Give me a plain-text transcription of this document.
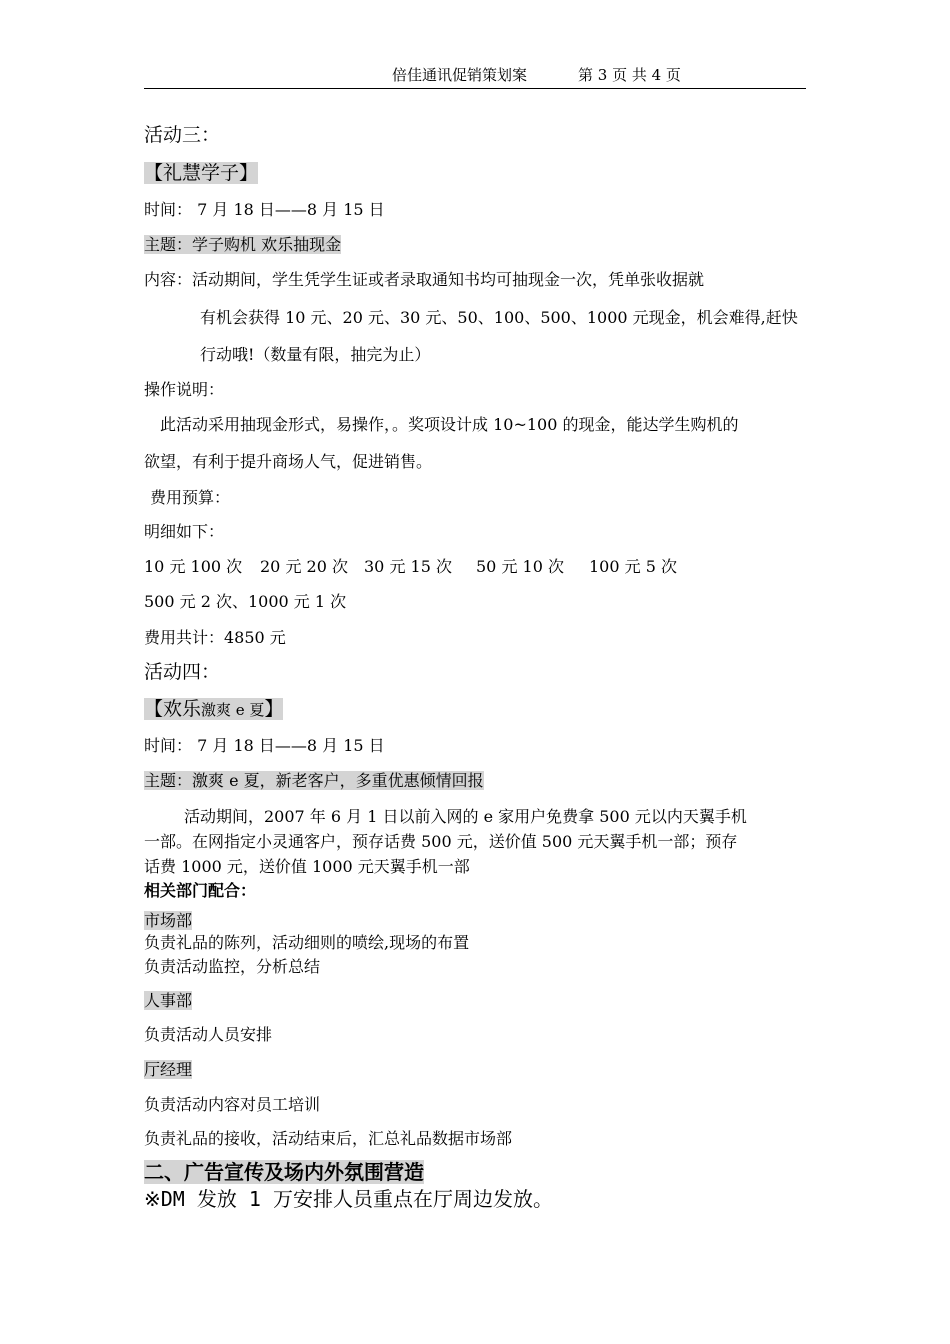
倍佳通讯促销策划案	第 3 页 共 4 页
活动三：
【礼慧学子】
时间： 7 月 18 日——8 月 15 日
主题：学子购机 欢乐抽现金
内容：活动期间，学生凭学生证或者录取通知书均可抽现金一次，凭单张收据就
有机会获得 10 元、20 元、30 元、50、100、500、1000 元现金，机会难得,赶快
行动哦!（数量有限，抽完为止）
操作说明：
此活动采用抽现金形式，易操作，。奖项设计成 10~100 的现金，能达学生购机的
欲望，有利于提升商场人气，促进销售。
费用预算：
明细如下：
10 元 100 次 20 元 20 次 30 元 15 次 50 元 10 次 100 元 5 次
500 元 2 次、1000 元 1 次
费用共计：4850 元
活动四：
【欢乐激爽 e 夏】
时间： 7 月 18 日——8 月 15 日
主题：激爽 e 夏，新老客户，多重优惠倾情回报
活动期间，2007 年 6 月 1 日以前入网的 e 家用户免费拿 500 元以内天翼手机
一部。在网指定小灵通客户，预存话费 500 元，送价值 500 元天翼手机一部；预存
话费 1000 元，送价值 1000 元天翼手机一部
相关部门配合：
市场部
负责礼品的陈列，活动细则的喷绘,现场的布置
负责活动监控，分析总结
人事部
负责活动人员安排
厅经理
负责活动内容对员工培训
负责礼品的接收，活动结束后，汇总礼品数据市场部
二、广告宣传及场内外氛围营造
※DM 发放 1 万安排人员重点在厅周边发放。
